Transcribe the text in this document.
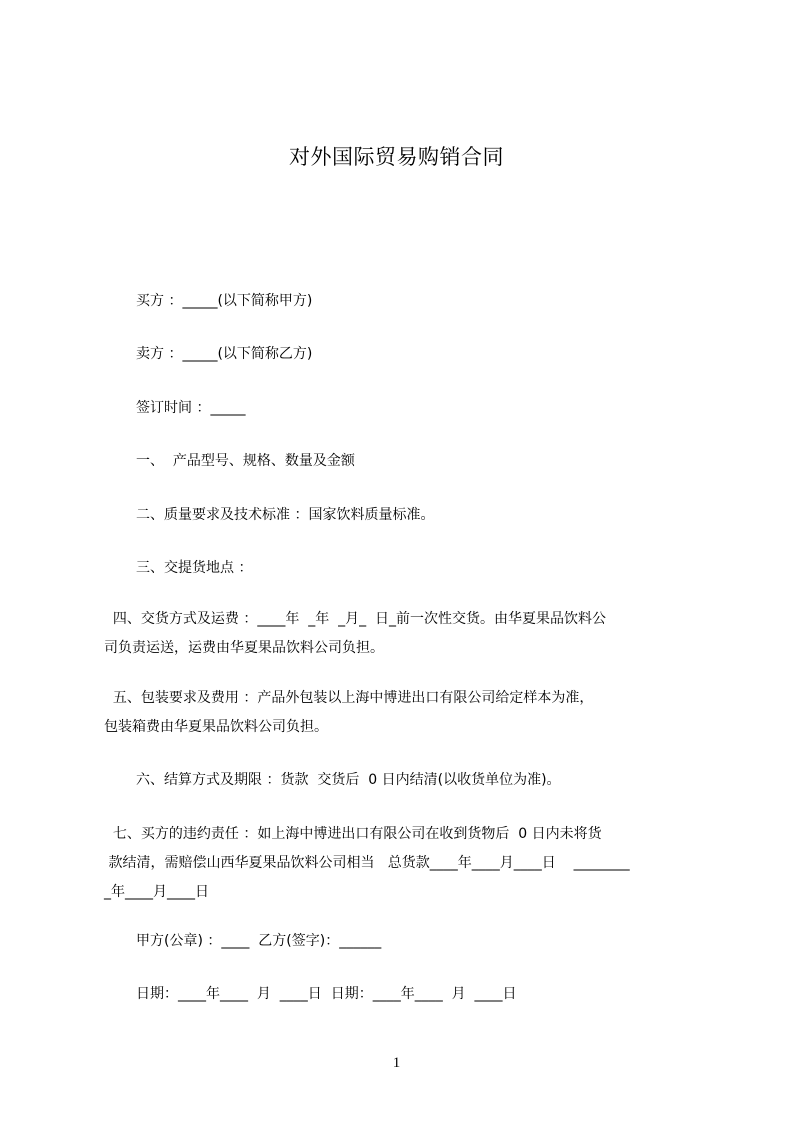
对外国际贸易购销合同
买方 ：_____(以下简称甲方)
卖方 ：_____(以下简称乙方)
签订时间 ：_____
一、  产品型号、规格、数量及金额
二、质量要求及技术标准 ：国家饮料质量标准。
三、交提货地点 ：
四、交货方式及运费 ：____年  _年  _月_  日_前一次性交货。由华夏果品饮料公
司负责运送，运费由华夏果品饮料公司负担。
五、包装要求及费用 ：产品外包装以上海中博进出口有限公司给定样本为准，
包装箱费由华夏果品饮料公司负担。
六、结算方式及期限 ：货款  交货后  0 日内结清(以收货单位为准)。
七、买方的违约责任 ：如上海中博进出口有限公司在收到货物后  0 日内未将货
款结清，需赔偿山西华夏果品饮料公司相当   总货款____年____月____日    ________
_年____月____日
甲方(公章) ：____  乙方(签字)：______
日期：____年____  月  ____日  日期：____年____  月  ____日
1
